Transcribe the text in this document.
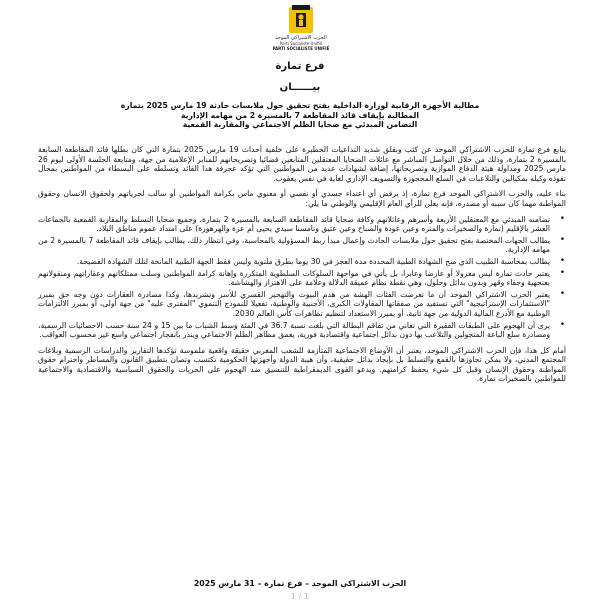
الحزب الاشتراكي الموحد
Parti Socialiste Unifié
PARTI SOCIALISTE UNIFIÉ
فرع تمارة
بيــــــان
مطالبة الأجهزة الرقابية لوزارة الداخلية بفتح تحقيق حول ملابسات حادثة 19 مارس 2025 بتمارة
المطالبة بإيقاف قائد المقاطعة 7 بالمسيرة 2 من مهامه الإدارية
التضامن المبدئي مع ضحايا الظلم الاجتماعي والمقاربة القمعية

يتابع فرع تمارة للحزب الاشتراكي الموحد عن كثب وبقلق شديد التداعيات الخطيرة على خلفية أحداث 19 مارس 2025 بتمارة التي كان بطلها قائد المقاطعة السابعة بالمسيرة 2 بتمارة، وذلك من خلال التواصل المباشر مع عائلات الضحايا المعتقلين المتابعين قضائيا وتصريحاتهم للمنابر الإعلامية من جهة، ومتابعة الجلسة الأولى ليوم 26 مارس 2025 ومداولة هيئة الدفاع الموازية وتصريحاتها، إضافة لشهادات عديد من المواطنين التي تؤكد عجرفة هذا القائد وتسلطه على البسطاء من المواطنين بمجال نفوذه وكيله بمكيالين والتلاعبات في السلع المحجوزة والتسويف الإداري لغاية في نفس يعقوب.

بناء عليه، والحزب الاشتراكي الموحد فرع تمارة، إذ يرفض أي اعتداء جسدي أو نفسي أو معنوي ماس بكرامة المواطنين أو سالب لحرياتهم ولحقوق الانسان وحقوق المواطنة مهما كان سببه أو مصدره، فإنه يعلن للرأي العام الإقليمي والوطني ما يلي:

• تضامنه المبدئي مع المعتقلين الأربعة وأسرهم وعائلاتهم وكافة ضحايا قائد المقاطعة السابعة بالمسيرة 2 بتمارة، وجميع ضحايا التسلط والمقاربة القمعية بالجماعات العشر بالإقليم (تمارة والصخيرات والمنزه وعين عودة والصباح وعين عتيق وتامسنا سيدي يحيى أم عزة والهرهورة) على امتداد عموم مناطق البلاد.
• يطالب الجهات المختصة بفتح تحقيق حول ملابسات الحادث وإعمال مبدأ ربط المسؤولية بالمحاسبة، وفي انتظار ذلك، يطالب بإيقاف قائد المقاطعة 7 بالمسيرة 2 من مهامه الإدارية.
• يطالب بمحاسبة الطبيب الذي منح الشهادة الطبية المحددة مدة العجز في 30 يوما بطرق ملتوية وليس فقط الجهة الطبية المانحة لتلك الشهادة الفضيحة.
• يعتبر حادث تمارة ليس معزولا أو عارضا وعابرا، بل يأتي في مواجهة السلوكات السلطوية المتكررة وإهانة كرامة المواطنين وسلب ممتلكاتهم وعقاراتهم ومنقولاتهم بعنجهية وجفاء وقهر وبدون بدائل وحلول، وهي نقطة نظام عميقة الدلالة وعلامة على الاهتزاز والهشاشة.
• يعتبر الحزب الاشتراكي الموحد أن ما تعرضت الفئات الهشة من هدم البيوت والتهجير القسري للأسر وتشريدها، وكذا مصادرة العقارات دون وجه حق بمبرر "الاستثمارات الإستراتيجية" التي تستفيد من صفقاتها المقاولات الكبرى، الأجنبية والوطنية، تفعيلا للنموذج التنموي "المفترى عليه" من جهة أولى، أو بمبرر الالتزامات الوطنية مع الأذرع المالية الدولية من جهة ثانية، أو بمبرر الاستعداد لتنظيم تظاهرات كأس العالم 2030.
• يرى أن الهجوم على الطبقات الفقيرة التي تعاني من تفاقم البطالة التي بلغت نسبة 36.7 في المئة وسط الشباب ما بين 15 و 24 سنة حسب الاحصائيات الرسمية، ومصادرة سلع الباعة المتجولين والتلاعب بها دون بدائل اجتماعية واقتصادية فورية، يعمق مظاهر الظلم الاجتماعي وينذر بانفجار اجتماعي واسع غير محسوب العواقب.

أمام كل هذا، فإن الحزب الاشتراكي الموحد، يعتبر أن الأوضاع الاجتماعية المتأزمة للشعب المغربي حقيقة واقعية ملموسة تؤكدها التقارير والدراسات الرسمية وبلاغات المجتمع المدني، ولا يمكن تجاوزها بالقمع والتسلط بل بإيجاد بدائل حقيقية، وأن هيبة الدولة وأجهزتها الحكومية تكتسب وتصان بتطبيق القانون والمساطر واحترام حقوق المواطنة وحقوق الإنسان وقبل كل شيء بحفظ كرامتهم. ويدعو القوى الديمقراطية للتنسيق ضد الهجوم على الحريات والحقوق السياسية والاقتصادية والاجتماعية للمواطنين بالصخيرات تمارة.

الحزب الاشتراكي الموحد – فرع تمارة – 31 مارس 2025
1 / 1
